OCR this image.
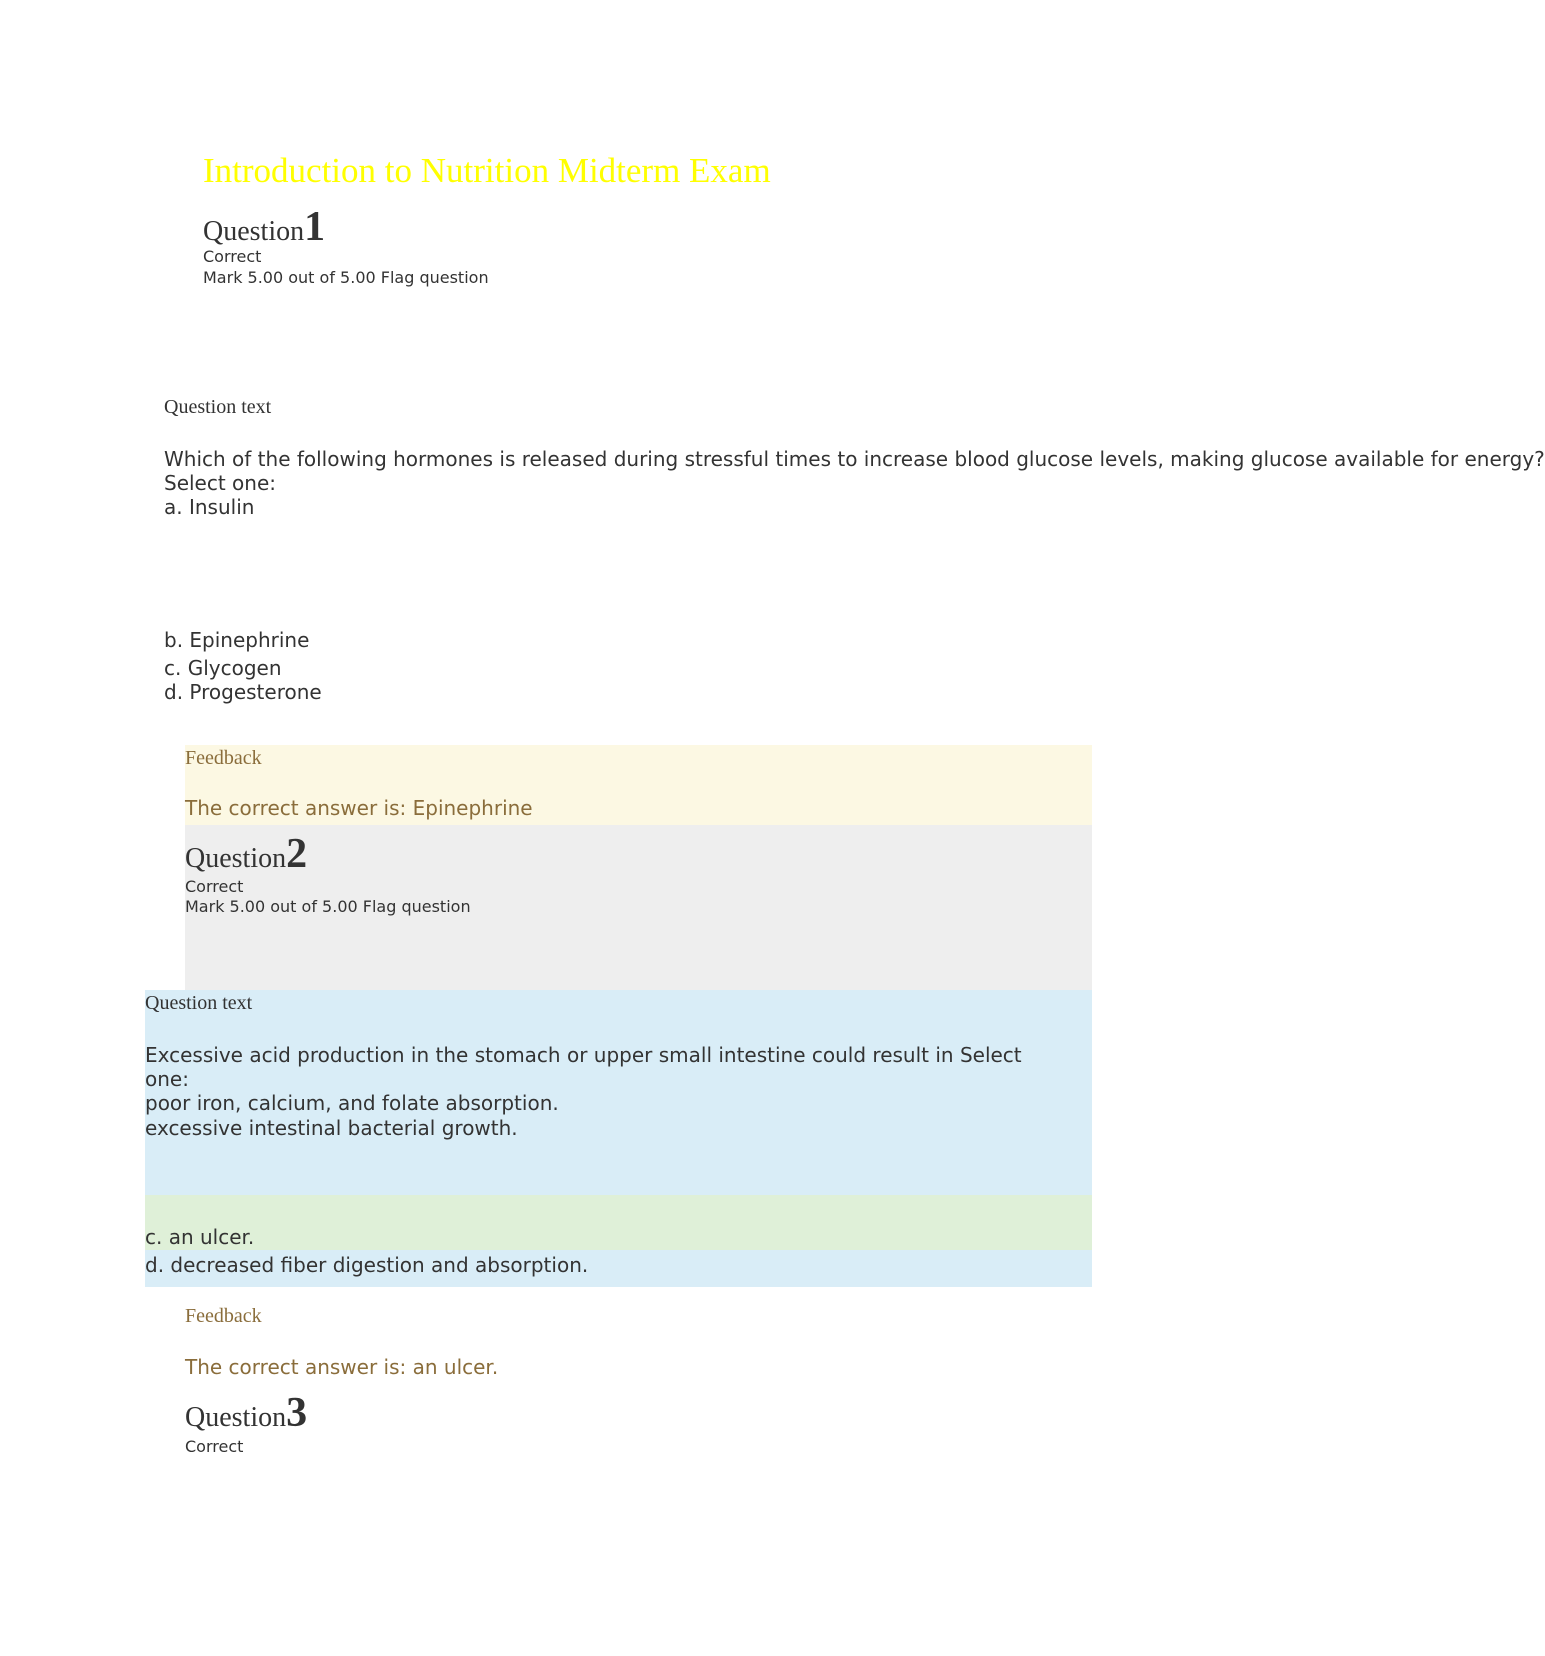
Introduction to Nutrition Midterm Exam
Question1
Correct
Mark 5.00 out of 5.00 Flag question
Question text
Which of the following hormones is released during stressful times to increase blood glucose levels, making glucose available for energy?
Select one:
a. Insulin
b. Epinephrine
c. Glycogen
d. Progesterone
Feedback
The correct answer is: Epinephrine
Question2
Correct
Mark 5.00 out of 5.00 Flag question
Question text
Excessive acid production in the stomach or upper small intestine could result in Select
one:
poor iron, calcium, and folate absorption.
excessive intestinal bacterial growth.
c. an ulcer.
d. decreased fiber digestion and absorption.
Feedback
The correct answer is: an ulcer.
Question3
Correct
